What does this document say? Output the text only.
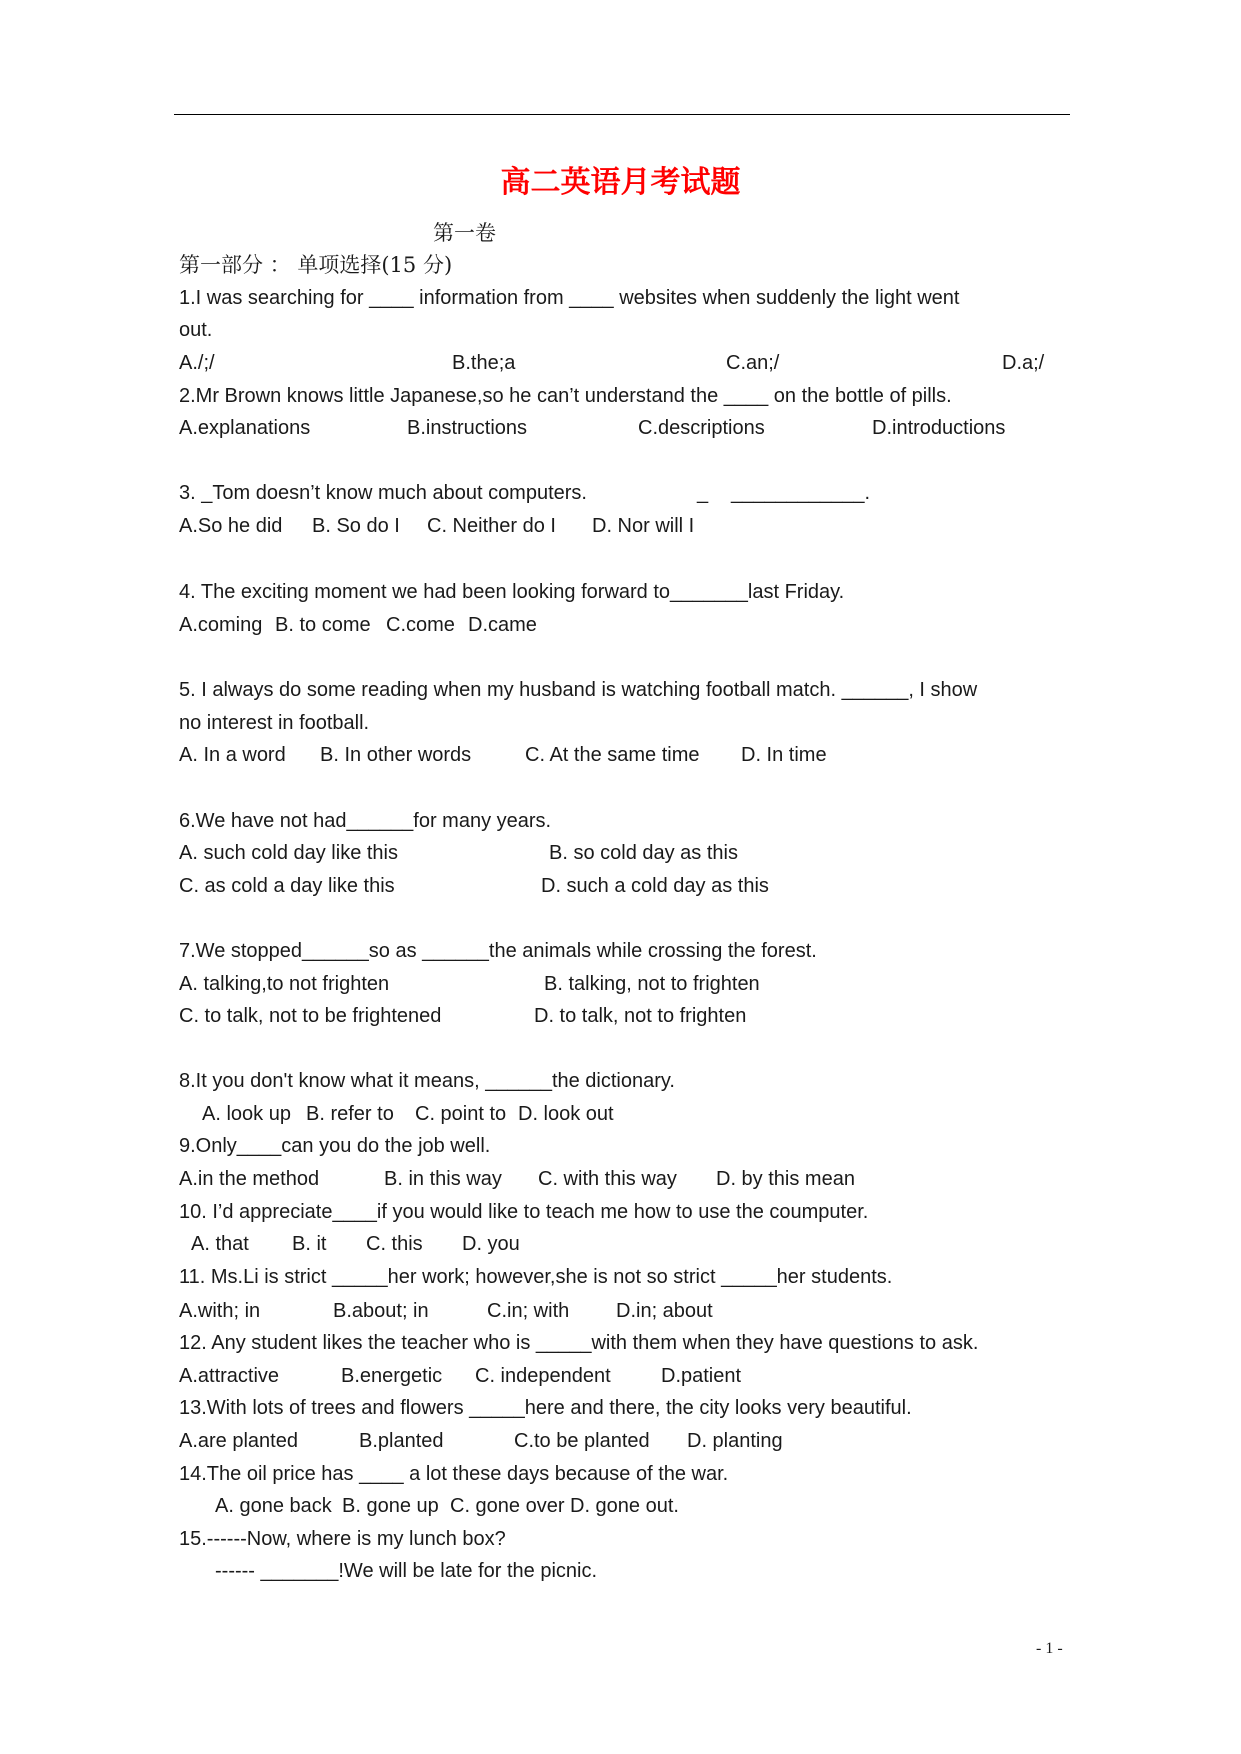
高二英语月考试题
第一卷
第一部分 ： 单项选择(15 分)
1.I was searching for ____ information from ____ websites when suddenly the light went
out.
A./;/	B.the;a	C.an;/	D.a;/
2.Mr Brown knows little Japanese,so he can’t understand the ____ on the bottle of pills.
A.explanations	B.instructions	C.descriptions	D.introductions
3. _Tom doesn’t know much about computers.	_ ____________.
A.So he did B. So do I C. Neither do I D. Nor will I
4. The exciting moment we had been looking forward to_______last Friday.
A.coming B. to come C.come D.came
5. I always do some reading when my husband is watching football match. ______, I show
no interest in football.
A. In a word B. In other words	C. At the same time D. In time
6.We have not had______for many years.
A. such cold day like this	B. so cold day as this
C. as cold a day like this	D. such a cold day as this
7.We stopped______so as ______the animals while crossing the forest.
A. talking,to not frighten	B. talking, not to frighten
C. to talk, not to be frightened	D. to talk, not to frighten
8.It you don't know what it means, ______the dictionary.
A. look up B. refer to C. point to D. look out
9.Only____can you do the job well.
A.in the method	B. in this way C. with this way D. by this mean
10. I’d appreciate____if you would like to teach me how to use the coumputer.
A. that B. it C. this D. you
11. Ms.Li is strict _____her work; however,she is not so strict _____her students.
A.with; in	B.about; in	C.in; with D.in; about
12. Any student likes the teacher who is _____with them when they have questions to ask.
A.attractive	B.energetic C. independent	D.patient
13.With lots of trees and flowers _____here and there, the city looks very beautiful.
A.are planted	B.planted	C.to be planted D. planting
14.The oil price has ____ a lot these days because of the war.
A. gone back B. gone up C. gone over D. gone out.
15.------Now, where is my lunch box?
------ _______!We will be late for the picnic.
- 1 -
